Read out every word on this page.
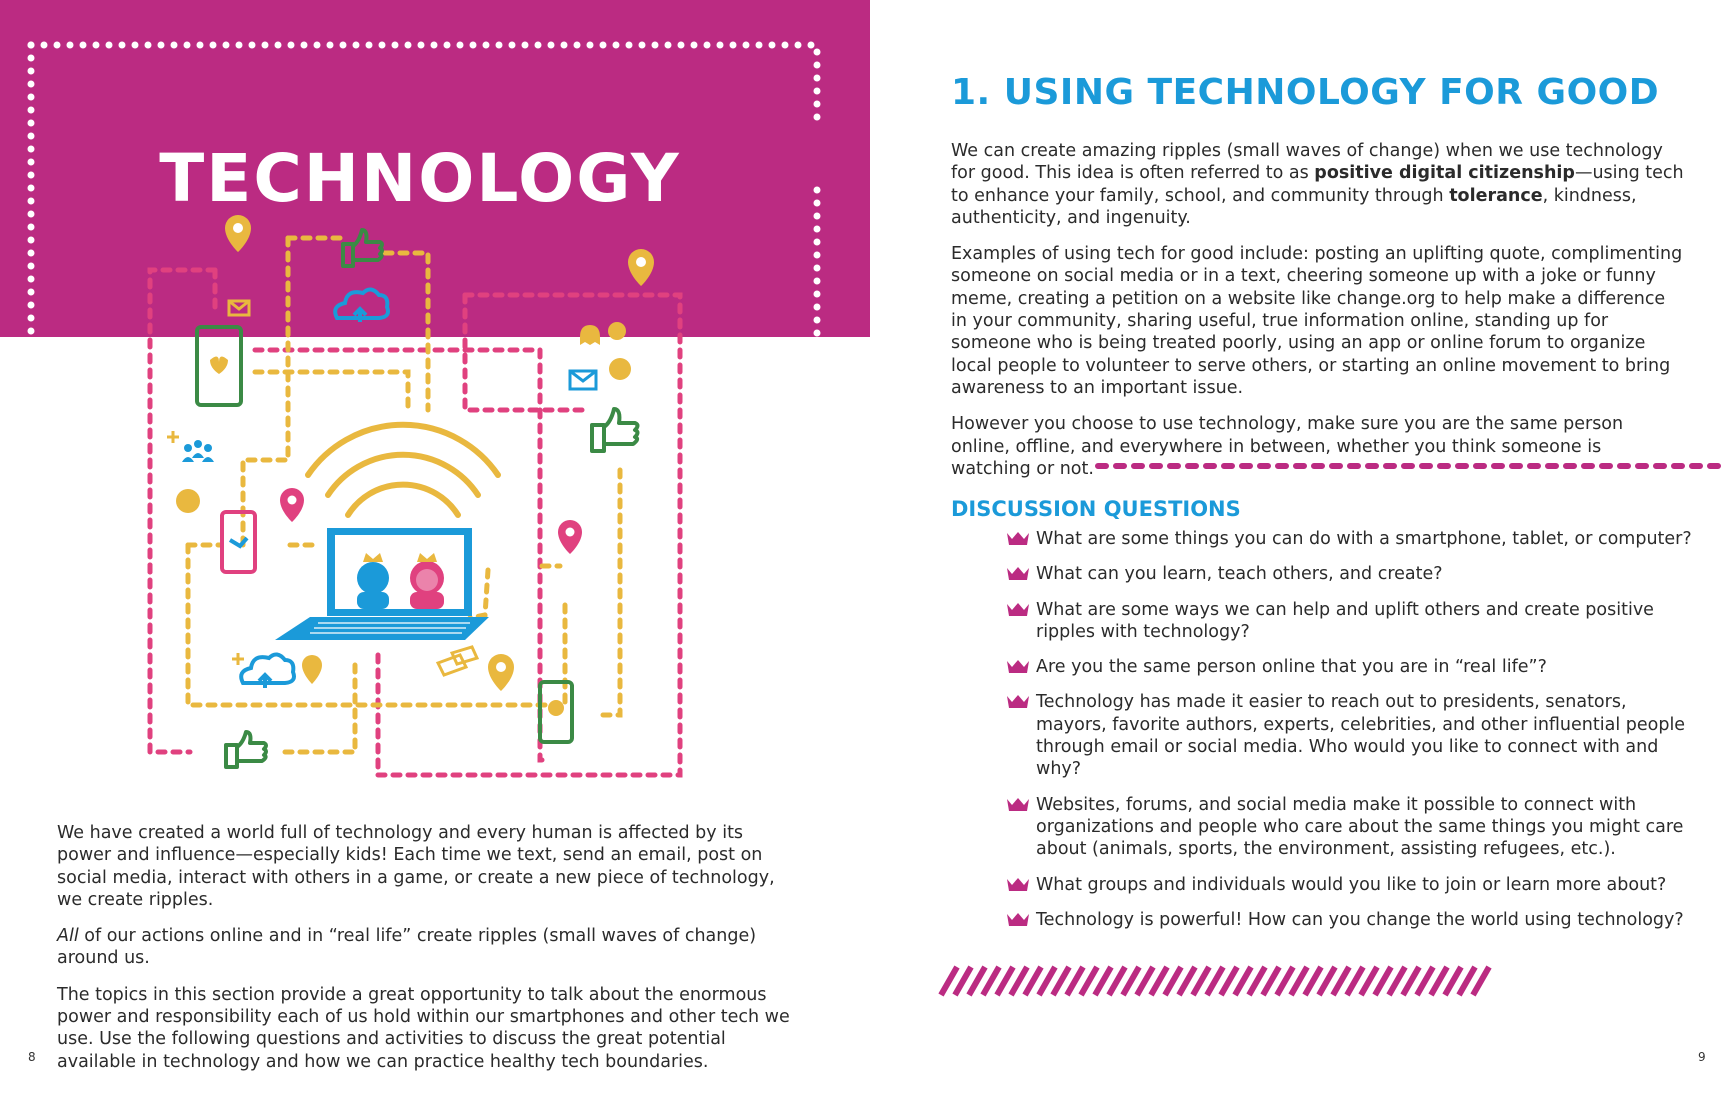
TECHNOLOGY

We have created a world full of technology and every human is affected by its power and influence—especially kids! Each time we text, send an email, post on social media, interact with others in a game, or create a new piece of technology, we create ripples.

All of our actions online and in “real life” create ripples (small waves of change) around us.

The topics in this section provide a great opportunity to talk about the enormous power and responsibility each of us hold within our smartphones and other tech we use. Use the following questions and activities to discuss the great potential available in technology and how we can practice healthy tech boundaries.

8
1. USING TECHNOLOGY FOR GOOD

We can create amazing ripples (small waves of change) when we use technology for good. This idea is often referred to as positive digital citizenship—using tech to enhance your family, school, and community through tolerance, kindness, authenticity, and ingenuity.

Examples of using tech for good include: posting an uplifting quote, complimenting someone on social media or in a text, cheering someone up with a joke or funny meme, creating a petition on a website like change.org to help make a difference in your community, sharing useful, true information online, standing up for someone who is being treated poorly, using an app or online forum to organize local people to volunteer to serve others, or starting an online movement to bring awareness to an important issue.

However you choose to use technology, make sure you are the same person online, offline, and everywhere in between, whether you think someone is watching or not.

DISCUSSION QUESTIONS
What are some things you can do with a smartphone, tablet, or computer?
What can you learn, teach others, and create?
What are some ways we can help and uplift others and create positive ripples with technology?
Are you the same person online that you are in “real life”?
Technology has made it easier to reach out to presidents, senators, mayors, favorite authors, experts, celebrities, and other influential people through email or social media. Who would you like to connect with and why?
Websites, forums, and social media make it possible to connect with organizations and people who care about the same things you might care about (animals, sports, the environment, assisting refugees, etc.).
What groups and individuals would you like to join or learn more about?
Technology is powerful! How can you change the world using technology?
9
